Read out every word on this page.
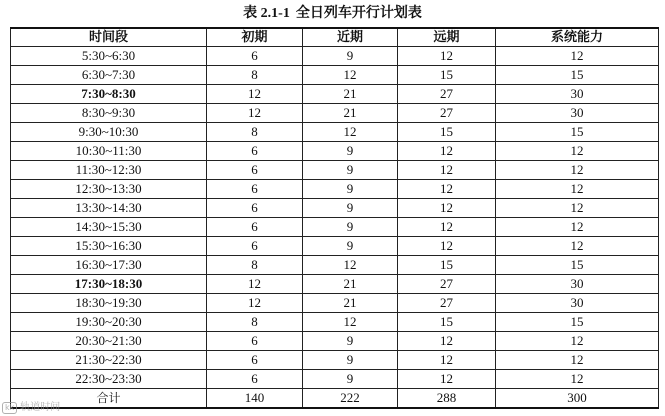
表 2.1-1 全日列车开行计划表
时间段	初期	近期	远期	系统能力
5:30~6:30	6	9	12	12
6:30~7:30	8	12	15	15
7:30~8:30	12	21	27	30
8:30~9:30	12	21	27	30
9:30~10:30	8	12	15	15
10:30~11:30	6	9	12	12
11:30~12:30	6	9	12	12
12:30~13:30	6	9	12	12
13:30~14:30	6	9	12	12
14:30~15:30	6	9	12	12
15:30~16:30	6	9	12	12
16:30~17:30	8	12	15	15
17:30~18:30	12	21	27	30
18:30~19:30	12	21	27	30
19:30~20:30	8	12	15	15
20:30~21:30	6	9	12	12
21:30~22:30	6	9	12	12
22:30~23:30	6	9	12	12
合计	140	222	288	300
kk 轨道时间
